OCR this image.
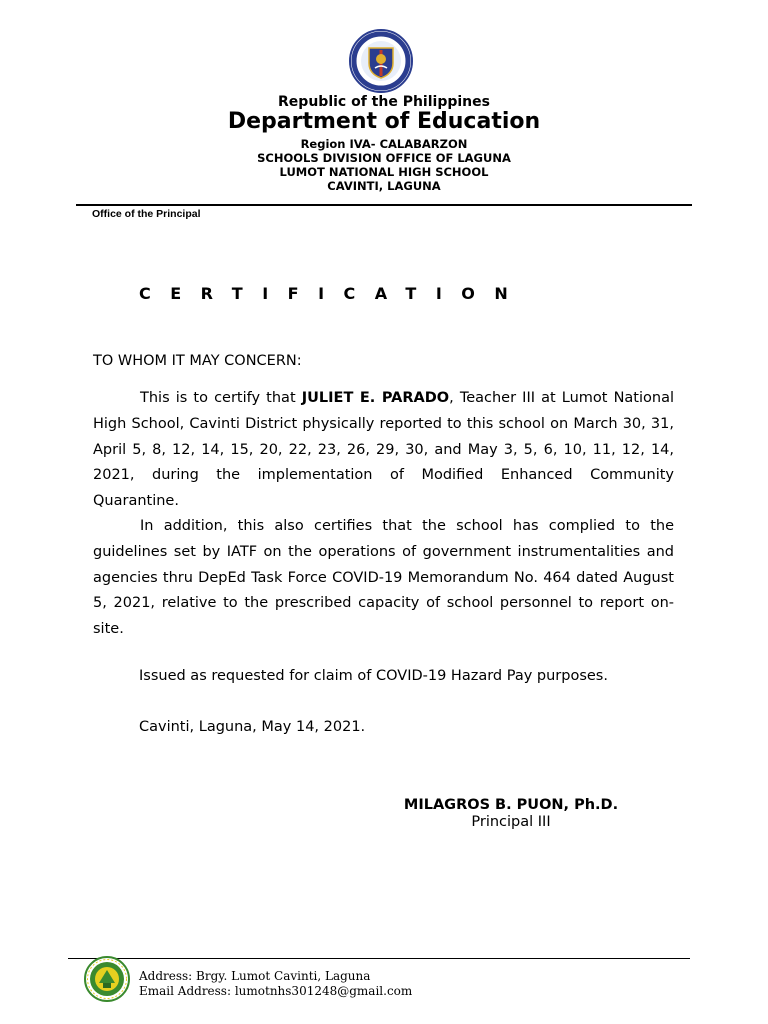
Republic of the Philippines
Department of Education
Region IVA- CALABARZON
SCHOOLS DIVISION OFFICE OF LAGUNA
LUMOT NATIONAL HIGH SCHOOL
CAVINTI, LAGUNA
Office of the Principal
CERTIFICATION
TO WHOM IT MAY CONCERN:

This is to certify that JULIET E. PARADO, Teacher III at Lumot National High School, Cavinti District physically reported to this school on March 30, 31, April 5, 8, 12, 14, 15, 20, 22, 23, 26, 29, 30, and May 3, 5, 6, 10, 11, 12, 14, 2021, during the implementation of Modified Enhanced Community Quarantine.

In addition, this also certifies that the school has complied to the guidelines set by IATF on the operations of government instrumentalities and agencies thru DepEd Task Force COVID-19 Memorandum No. 464 dated August 5, 2021, relative to the prescribed capacity of school personnel to report on-site.

Issued as requested for claim of COVID-19 Hazard Pay purposes.
Cavinti, Laguna, May 14, 2021.
MILAGROS B. PUON, Ph.D.
Principal III
Address: Brgy. Lumot Cavinti, Laguna
Email Address: lumotnhs301248@gmail.com
